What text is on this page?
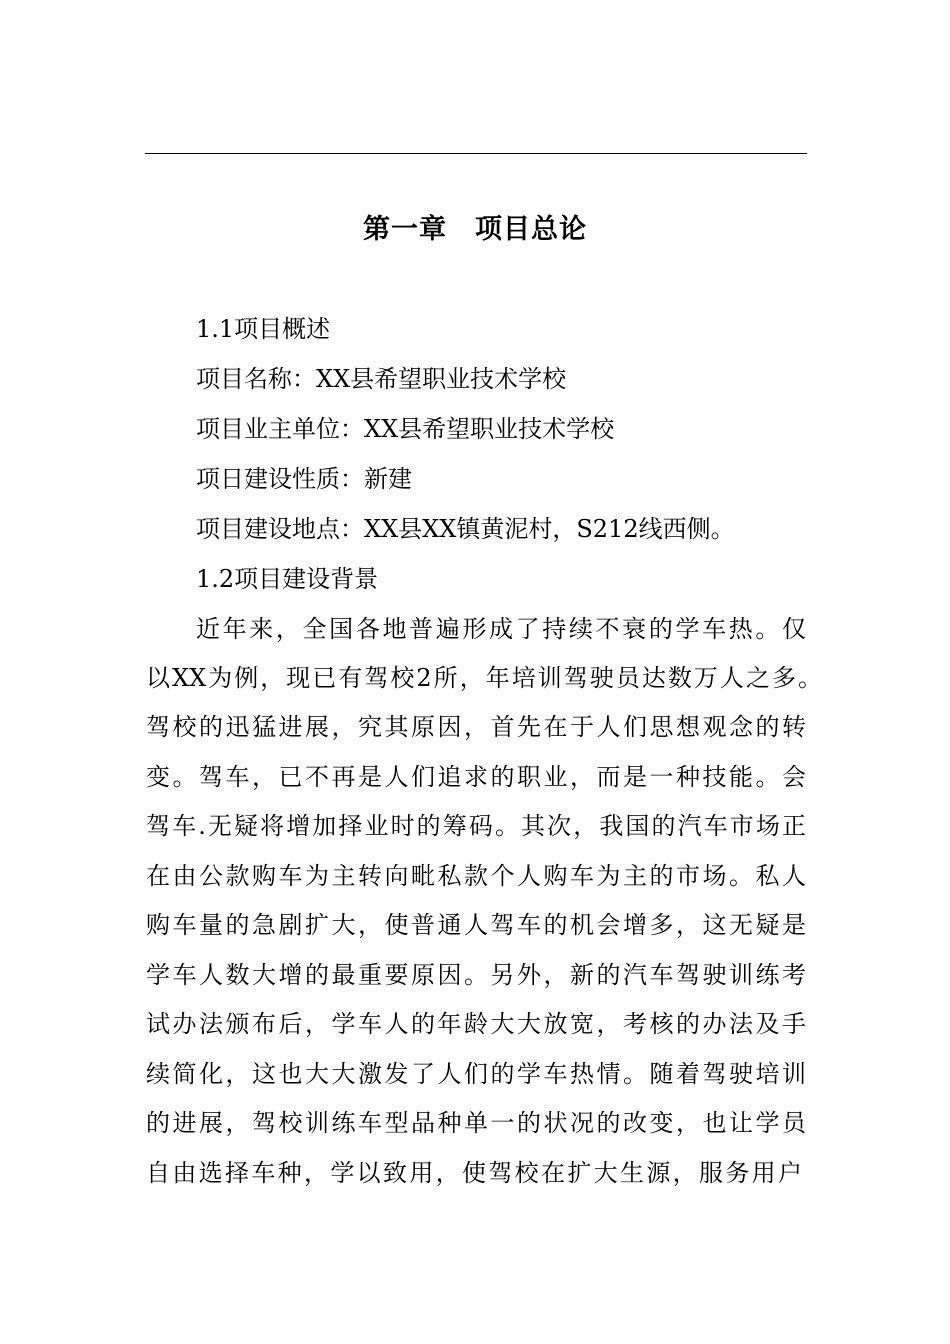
第一章　项目总论
1.1项目概述
项目名称：XX县希望职业技术学校
项目业主单位：XX县希望职业技术学校
项日建设性质：新建
项目建设地点：XX县XX镇黄泥村，S212线西侧。
1.2项目建设背景
近年来，全国各地普遍形成了持续不衰的学车热。仅
以XX为例，现已有驾校2所，年培训驾驶员达数万人之多。
驾校的迅猛进展，究其原因，首先在于人们思想观念的转
变。驾车，已不再是人们追求的职业，而是一种技能。会
驾车.无疑将增加择业时的筹码。其次，我国的汽车市场正
在由公款购车为主转向毗私款个人购车为主的市场。私人
购车量的急剧扩大，使普通人驾车的机会增多，这无疑是
学车人数大增的最重要原因。另外，新的汽车驾驶训练考
试办法颁布后，学车人的年龄大大放宽，考核的办法及手
续简化，这也大大激发了人们的学车热情。随着驾驶培训
的进展，驾校训练车型品种单一的状况的改变，也让学员
自由选择车种，学以致用，使驾校在扩大生源，服务用户
